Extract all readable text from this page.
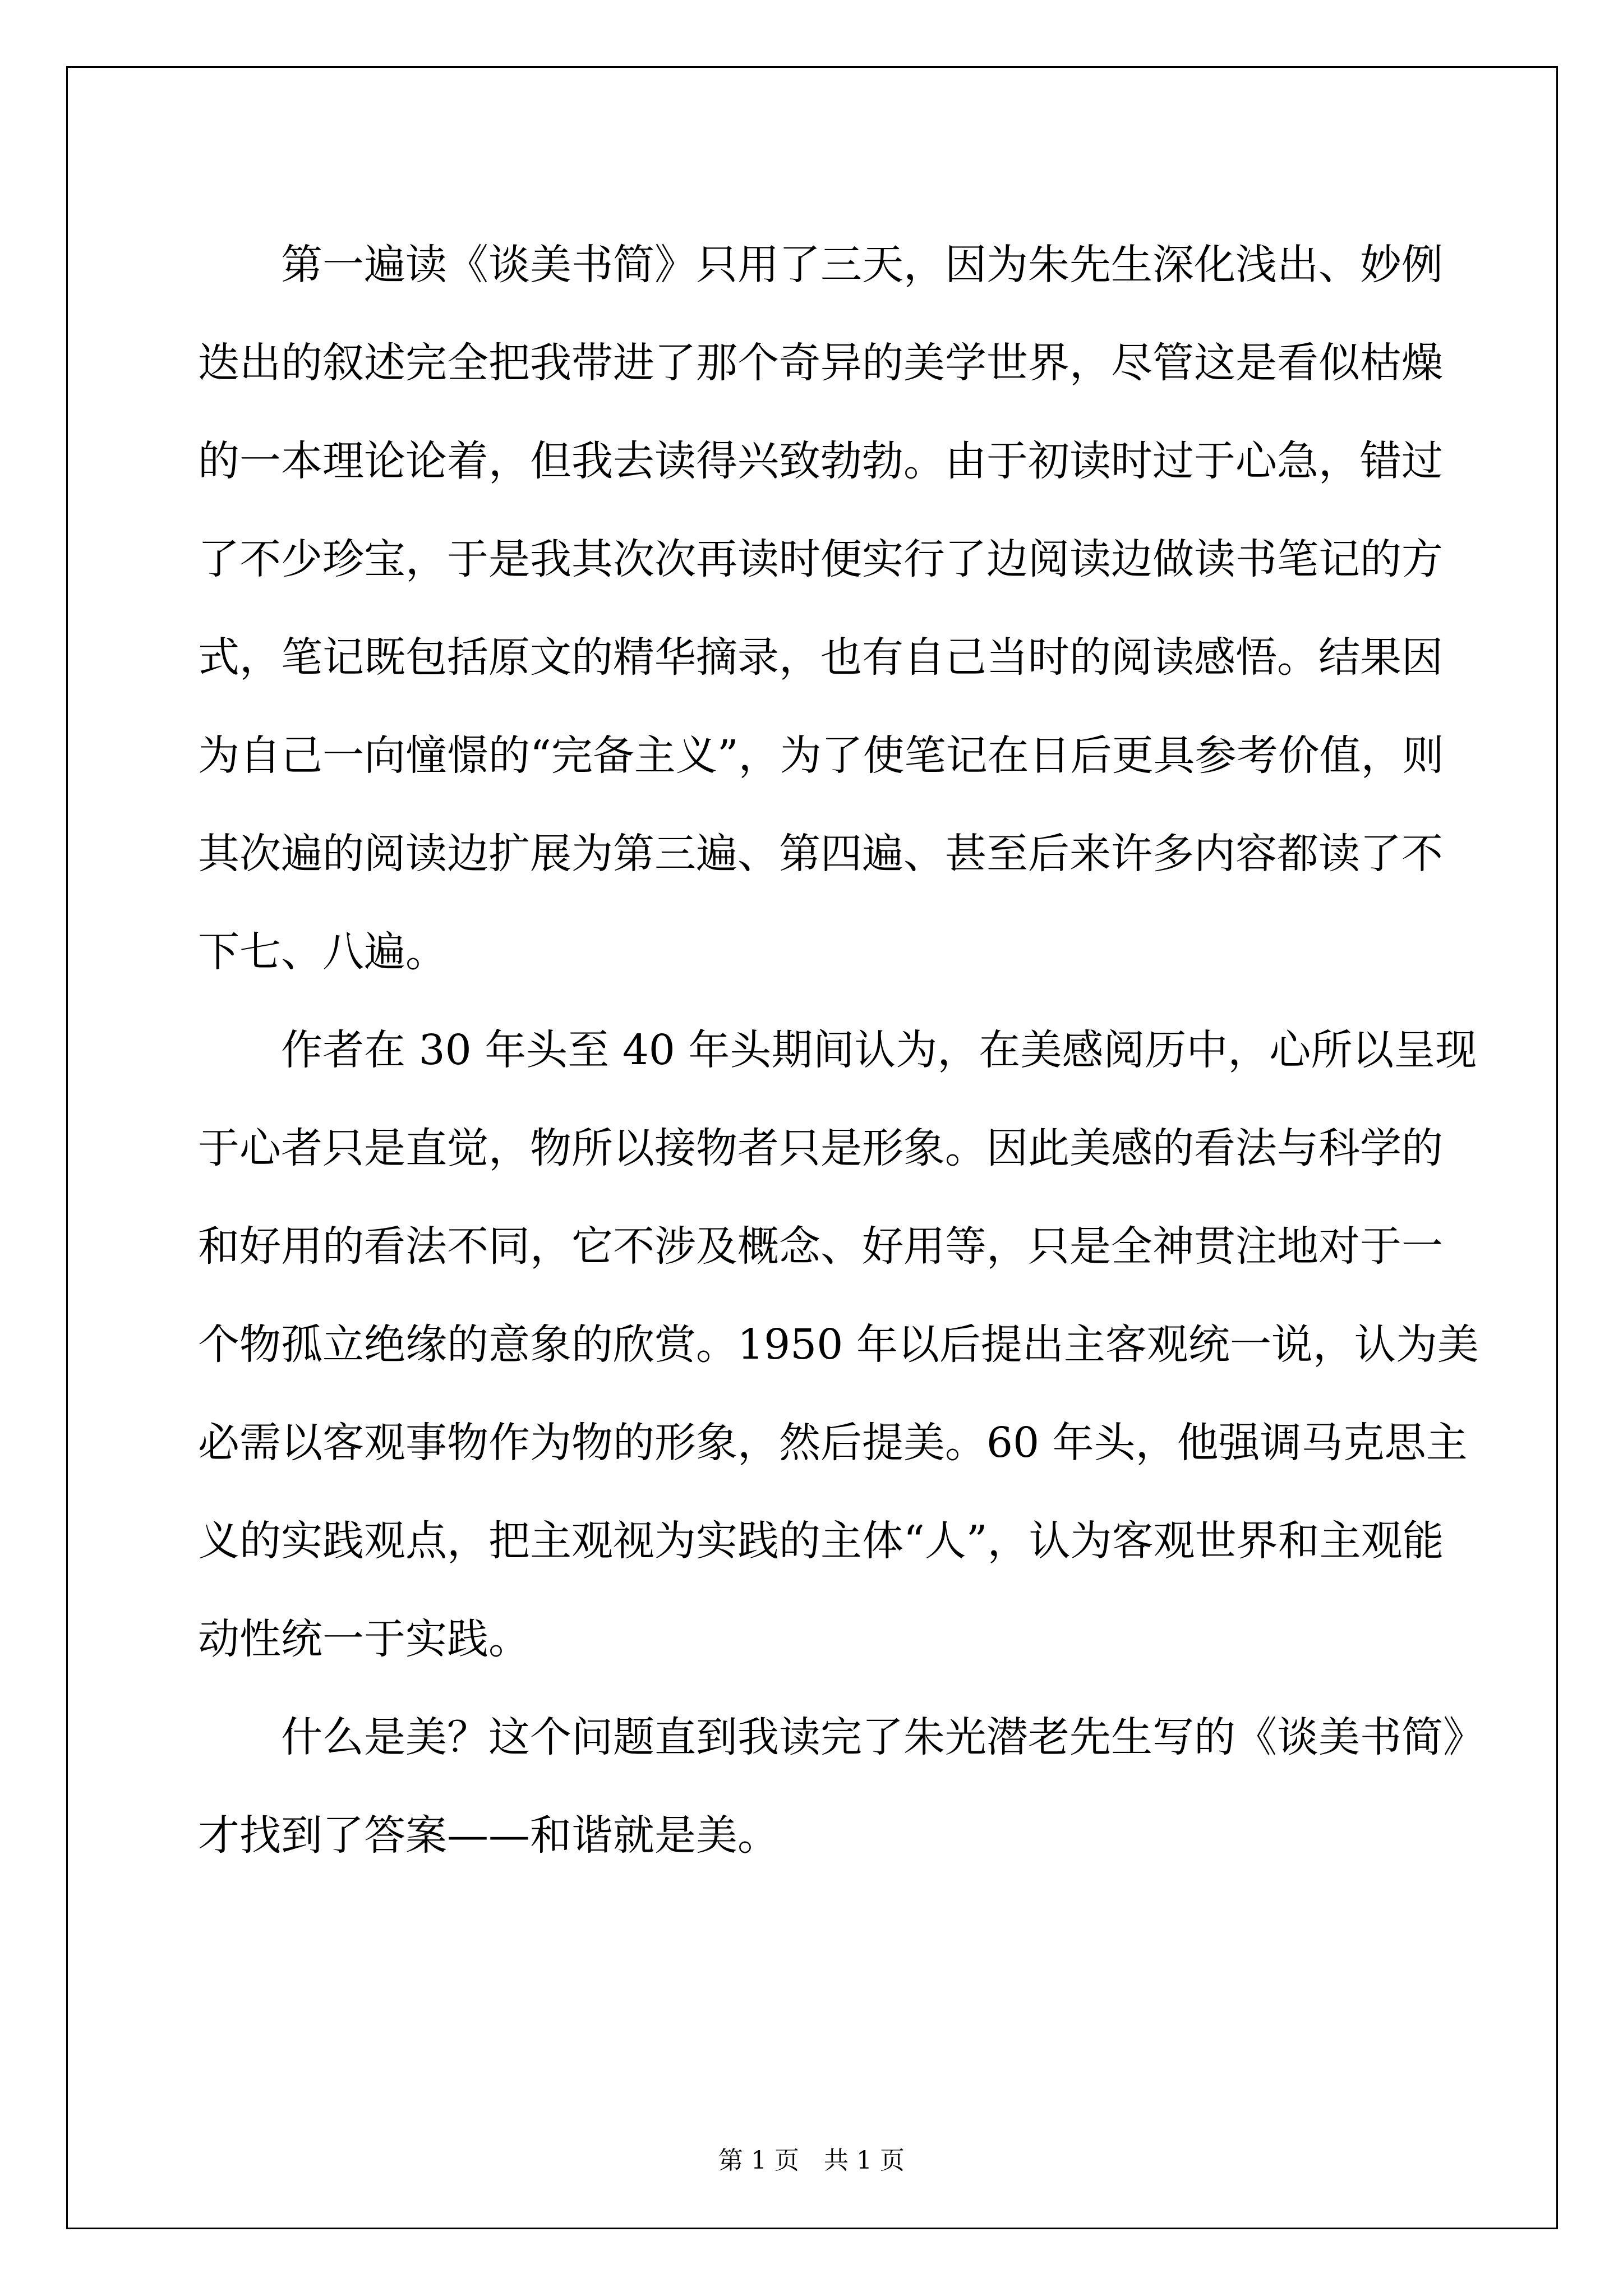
第一遍读《谈美书简》只用了三天，因为朱先生深化浅出、妙例
迭出的叙述完全把我带进了那个奇异的美学世界，尽管这是看似枯燥
的一本理论论着，但我去读得兴致勃勃。由于初读时过于心急，错过
了不少珍宝，于是我其次次再读时便实行了边阅读边做读书笔记的方
式，笔记既包括原文的精华摘录，也有自己当时的阅读感悟。结果因
为自己一向憧憬的“完备主义”，为了使笔记在日后更具参考价值，则
其次遍的阅读边扩展为第三遍、第四遍、甚至后来许多内容都读了不
下七、八遍。

作者在 30 年头至 40 年头期间认为，在美感阅历中，心所以呈现
于心者只是直觉，物所以接物者只是形象。因此美感的看法与科学的
和好用的看法不同，它不涉及概念、好用等，只是全神贯注地对于一
个物孤立绝缘的意象的欣赏。1950 年以后提出主客观统一说，认为美
必需以客观事物作为物的形象，然后提美。60 年头，他强调马克思主
义的实践观点，把主观视为实践的主体“人”，认为客观世界和主观能
动性统一于实践。

什么是美？这个问题直到我读完了朱光潜老先生写的《谈美书简》
才找到了答案——和谐就是美。

第 1 页 共 1 页
